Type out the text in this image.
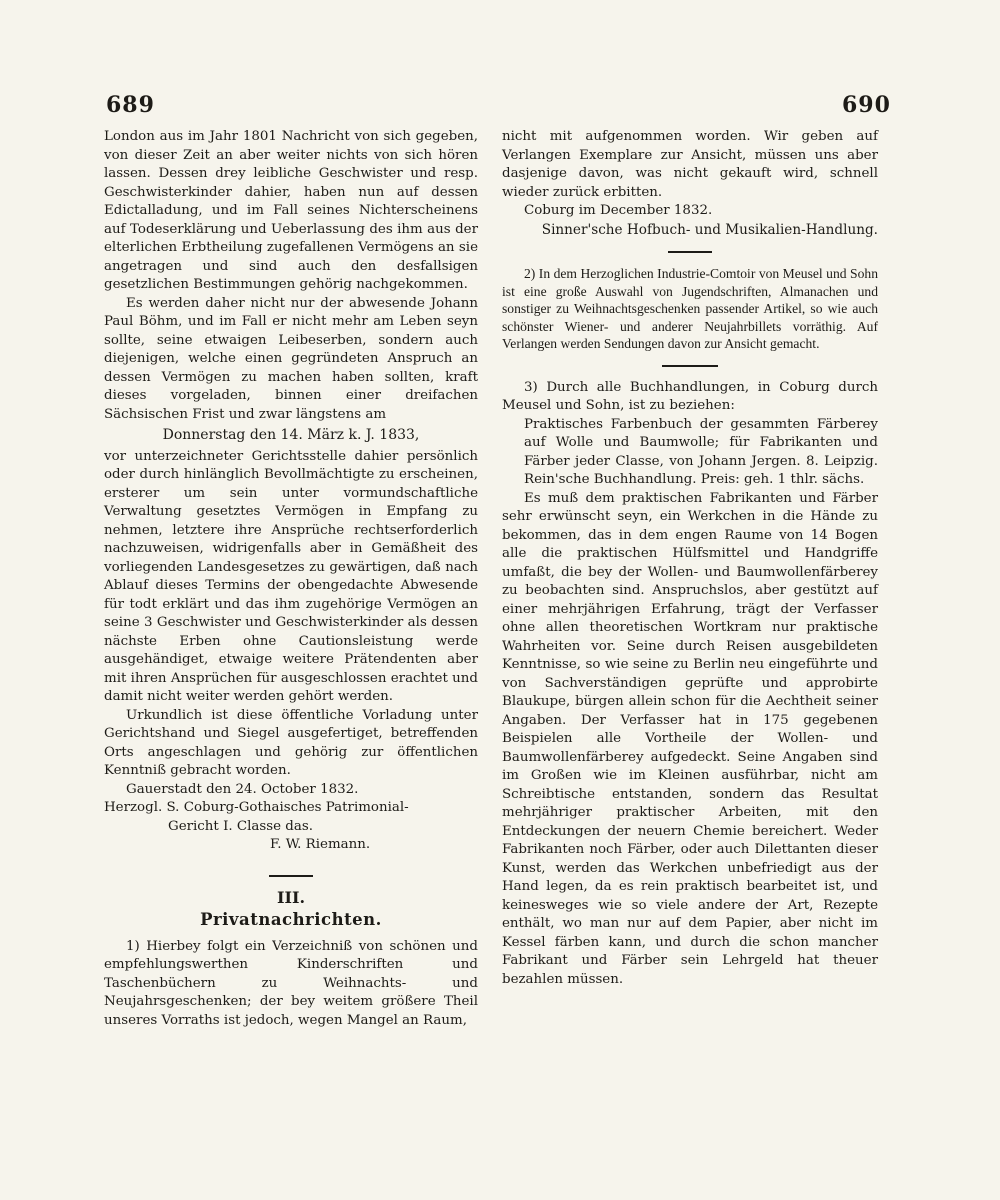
689	690

London aus im Jahr 1801 Nachricht von sich gegeben, von dieser Zeit an aber weiter nichts von sich hören lassen. Dessen drey leibliche Geschwister und resp. Geschwisterkinder dahier, haben nun auf dessen Edictalladung, und im Fall seines Nichterscheinens auf Todeserklärung und Ueberlassung des ihm aus der elterlichen Erbtheilung zugefallenen Vermögens an sie angetragen und sind auch den desfallsigen gesetzlichen Bestimmungen gehörig nachgekommen.

Es werden daher nicht nur der abwesende Johann Paul Böhm, und im Fall er nicht mehr am Leben seyn sollte, seine etwaigen Leibeserben, sondern auch diejenigen, welche einen gegründeten Anspruch an dessen Vermögen zu machen haben sollten, kraft dieses vorgeladen, binnen einer dreifachen Sächsischen Frist und zwar längstens am

Donnerstag den 14. März k. J. 1833,

vor unterzeichneter Gerichtsstelle dahier persönlich oder durch hinlänglich Bevollmächtigte zu erscheinen, ersterer um sein unter vormundschaftliche Verwaltung gesetztes Vermögen in Empfang zu nehmen, letztere ihre Ansprüche rechtserforderlich nachzuweisen, widrigenfalls aber in Gemäßheit des vorliegenden Landesgesetzes zu gewärtigen, daß nach Ablauf dieses Termins der obengedachte Abwesende für todt erklärt und das ihm zugehörige Vermögen an seine 3 Geschwister und Geschwisterkinder als dessen nächste Erben ohne Cautionsleistung werde ausgehändiget, etwaige weitere Prätendenten aber mit ihren Ansprüchen für ausgeschlossen erachtet und damit nicht weiter werden gehört werden.

Urkundlich ist diese öffentliche Vorladung unter Gerichtshand und Siegel ausgefertiget, betreffenden Orts angeschlagen und gehörig zur öffentlichen Kenntniß gebracht worden.

Gauerstadt den 24. October 1832.

Herzogl. S. Coburg-Gothaisches Patrimonial-

Gericht I. Classe das.

F. W. Riemann.

III.

Privatnachrichten.

1) Hierbey folgt ein Verzeichniß von schönen und empfehlungswerthen Kinderschriften und Taschenbüchern zu Weihnachts- und Neujahrsgeschenken; der bey weitem größere Theil unseres Vorraths ist jedoch, wegen Mangel an Raum,

nicht mit aufgenommen worden. Wir geben auf Verlangen Exemplare zur Ansicht, müssen uns aber dasjenige davon, was nicht gekauft wird, schnell wieder zurück erbitten.

Coburg im December 1832.

Sinner'sche Hofbuch- und Musikalien-Handlung.

2) In dem Herzoglichen Industrie-Comtoir von Meusel und Sohn ist eine große Auswahl von Jugendschriften, Almanachen und sonstiger zu Weihnachtsgeschenken passender Artikel, so wie auch schönster Wiener- und anderer Neujahrbillets vorräthig. Auf Verlangen werden Sendungen davon zur Ansicht gemacht.

3) Durch alle Buchhandlungen, in Coburg durch Meusel und Sohn, ist zu beziehen:

Praktisches Farbenbuch der gesammten Färberey auf Wolle und Baumwolle; für Fabrikanten und Färber jeder Classe, von Johann Jergen. 8. Leipzig. Rein'sche Buchhandlung. Preis: geh. 1 thlr. sächs.

Es muß dem praktischen Fabrikanten und Färber sehr erwünscht seyn, ein Werkchen in die Hände zu bekommen, das in dem engen Raume von 14 Bogen alle die praktischen Hülfsmittel und Handgriffe umfaßt, die bey der Wollen- und Baumwollenfärberey zu beobachten sind. Anspruchslos, aber gestützt auf einer mehrjährigen Erfahrung, trägt der Verfasser ohne allen theoretischen Wortkram nur praktische Wahrheiten vor. Seine durch Reisen ausgebildeten Kenntnisse, so wie seine zu Berlin neu eingeführte und von Sachverständigen geprüfte und approbirte Blaukupe, bürgen allein schon für die Aechtheit seiner Angaben. Der Verfasser hat in 175 gegebenen Beispielen alle Vortheile der Wollen- und Baumwollenfärberey aufgedeckt. Seine Angaben sind im Großen wie im Kleinen ausführbar, nicht am Schreibtische entstanden, sondern das Resultat mehrjähriger praktischer Arbeiten, mit den Entdeckungen der neuern Chemie bereichert. Weder Fabrikanten noch Färber, oder auch Dilettanten dieser Kunst, werden das Werkchen unbefriedigt aus der Hand legen, da es rein praktisch bearbeitet ist, und keinesweges wie so viele andere der Art, Rezepte enthält, wo man nur auf dem Papier, aber nicht im Kessel färben kann, und durch die schon mancher Fabrikant und Färber sein Lehrgeld hat theuer bezahlen müssen.
